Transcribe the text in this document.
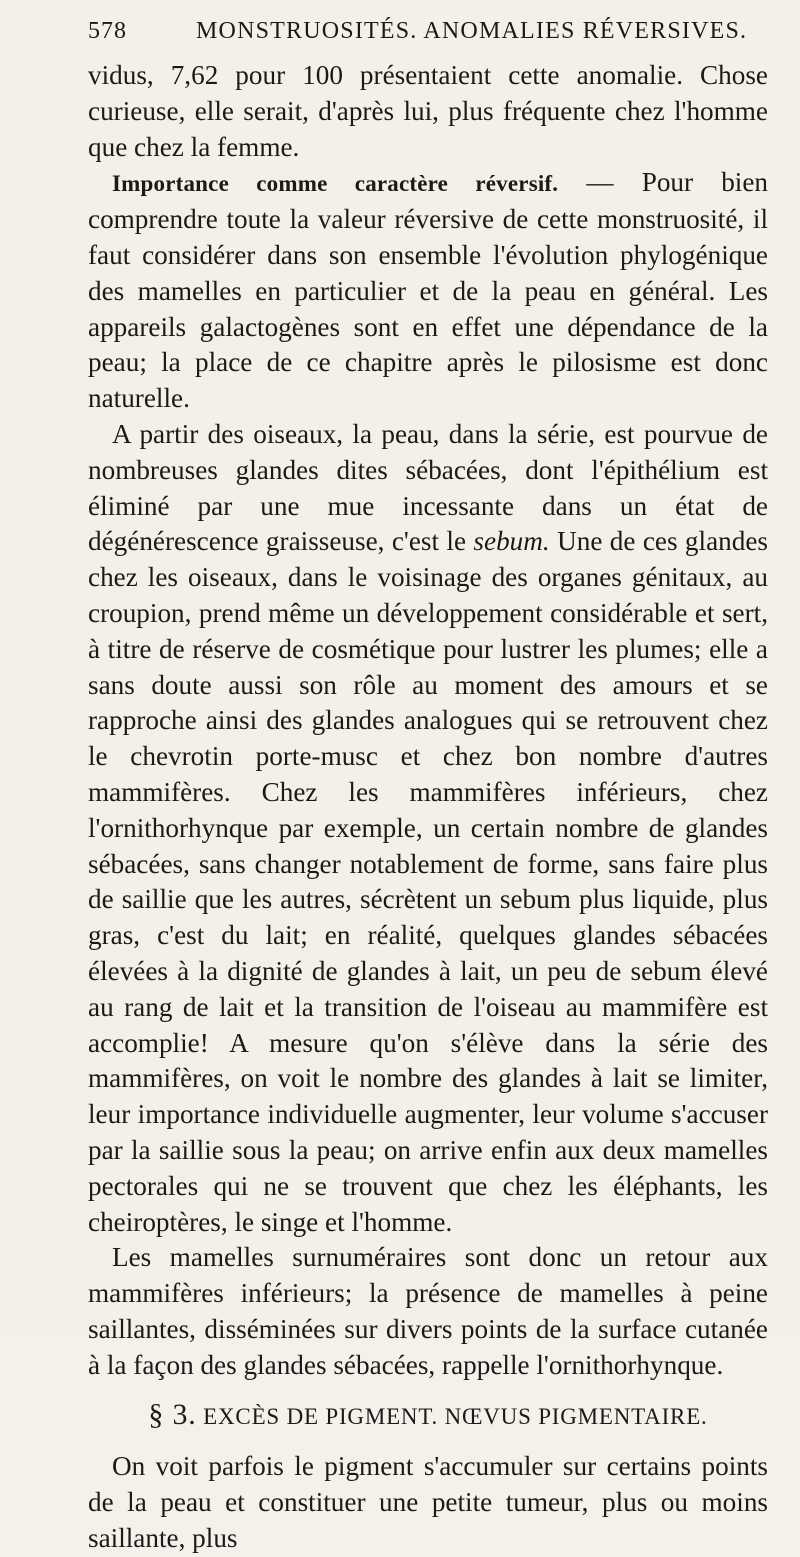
578	MONSTRUOSITÉS. ANOMALIES RÉVERSIVES.

vidus, 7,62 pour 100 présentaient cette anomalie. Chose curieuse, elle serait, d'après lui, plus fréquente chez l'homme que chez la femme.

Importance comme caractère réversif. — Pour bien comprendre toute la valeur réversive de cette monstruosité, il faut considérer dans son ensemble l'évolution phylogénique des mamelles en particulier et de la peau en général. Les appareils galactogènes sont en effet une dépendance de la peau; la place de ce chapitre après le pilosisme est donc naturelle.

A partir des oiseaux, la peau, dans la série, est pourvue de nombreuses glandes dites sébacées, dont l'épithélium est éliminé par une mue incessante dans un état de dégénérescence graisseuse, c'est le sebum. Une de ces glandes chez les oiseaux, dans le voisinage des organes génitaux, au croupion, prend même un développement considérable et sert, à titre de réserve de cosmétique pour lustrer les plumes; elle a sans doute aussi son rôle au moment des amours et se rapproche ainsi des glandes analogues qui se retrouvent chez le chevrotin porte-musc et chez bon nombre d'autres mammifères. Chez les mammifères inférieurs, chez l'ornithorhynque par exemple, un certain nombre de glandes sébacées, sans changer notablement de forme, sans faire plus de saillie que les autres, sécrètent un sebum plus liquide, plus gras, c'est du lait; en réalité, quelques glandes sébacées élevées à la dignité de glandes à lait, un peu de sebum élevé au rang de lait et la transition de l'oiseau au mammifère est accomplie! A mesure qu'on s'élève dans la série des mammifères, on voit le nombre des glandes à lait se limiter, leur importance individuelle augmenter, leur volume s'accuser par la saillie sous la peau; on arrive enfin aux deux mamelles pectorales qui ne se trouvent que chez les éléphants, les cheiroptères, le singe et l'homme.

Les mamelles surnuméraires sont donc un retour aux mammifères inférieurs; la présence de mamelles à peine saillantes, disséminées sur divers points de la surface cutanée à la façon des glandes sébacées, rappelle l'ornithorhynque.

§ 3. EXCÈS DE PIGMENT. NŒVUS PIGMENTAIRE.

On voit parfois le pigment s'accumuler sur certains points de la peau et constituer une petite tumeur, plus ou moins saillante, plus
